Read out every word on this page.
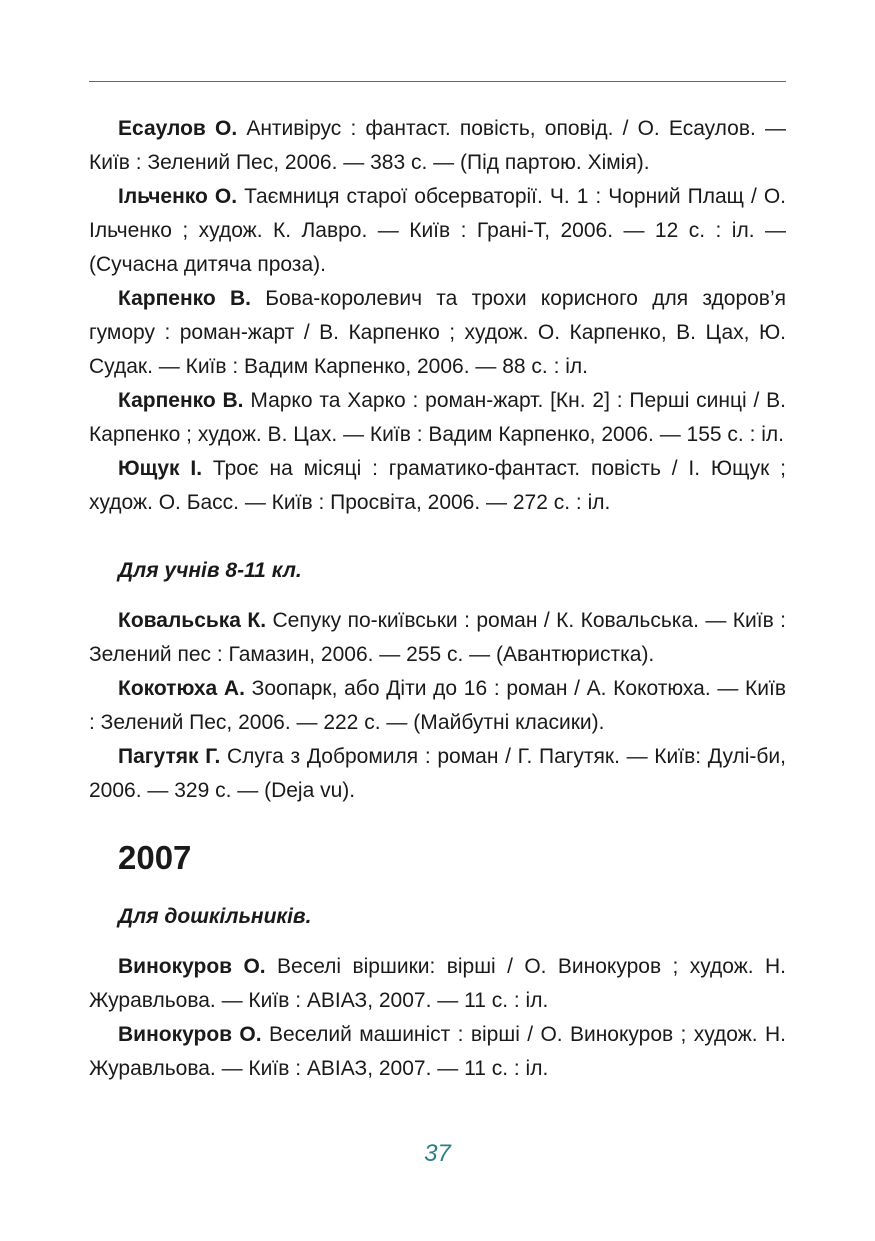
Есаулов О. Антивірус : фантаст. повість, оповід. / О. Есаулов. — Київ : Зелений Пес, 2006. — 383 с. — (Під партою. Хімія).

Ільченко О. Таємниця старої обсерваторії. Ч. 1 : Чорний Плащ / О. Ільченко ; худож. К. Лавро. — Київ : Грані-Т, 2006. — 12 с. : іл. — (Сучасна дитяча проза).

Карпенко В. Бова-королевич та трохи корисного для здоров’я гумору : роман-жарт / В. Карпенко ; худож. О. Карпенко, В. Цах, Ю. Судак. — Київ : Вадим Карпенко, 2006. — 88 с. : іл.

Карпенко В. Марко та Харко : роман-жарт. [Кн. 2] : Перші синці / В. Карпенко ; худож. В. Цах. — Київ : Вадим Карпенко, 2006. — 155 с. : іл.

Ющук І. Троє на місяці : граматико-фантаст. повість / І. Ющук ; худож. О. Басс. — Київ : Просвіта, 2006. — 272 с. : іл.

Для учнів 8-11 кл.

Ковальська К. Сепуку по-київськи : роман / К. Ковальська. — Київ : Зелений пес : Гамазин, 2006. — 255 с. — (Авантюристка).

Кокотюха А. Зоопарк, або Діти до 16 : роман / А. Кокотюха. — Київ : Зелений Пес, 2006. — 222 с. — (Майбутні класики).

Пагутяк Г. Слуга з Добромиля : роман / Г. Пагутяк. — Київ: Дулі-би, 2006. — 329 с. — (Deja vu).

2007

Для дошкільників.

Винокуров О. Веселі віршики: вірші / О. Винокуров ; худож. Н. Журавльова. — Київ : АВІАЗ, 2007. — 11 с. : іл.

Винокуров О. Веселий машиніст : вірші / О. Винокуров ; худож. Н. Журавльова. — Київ : АВІАЗ, 2007. — 11 с. : іл.

37
